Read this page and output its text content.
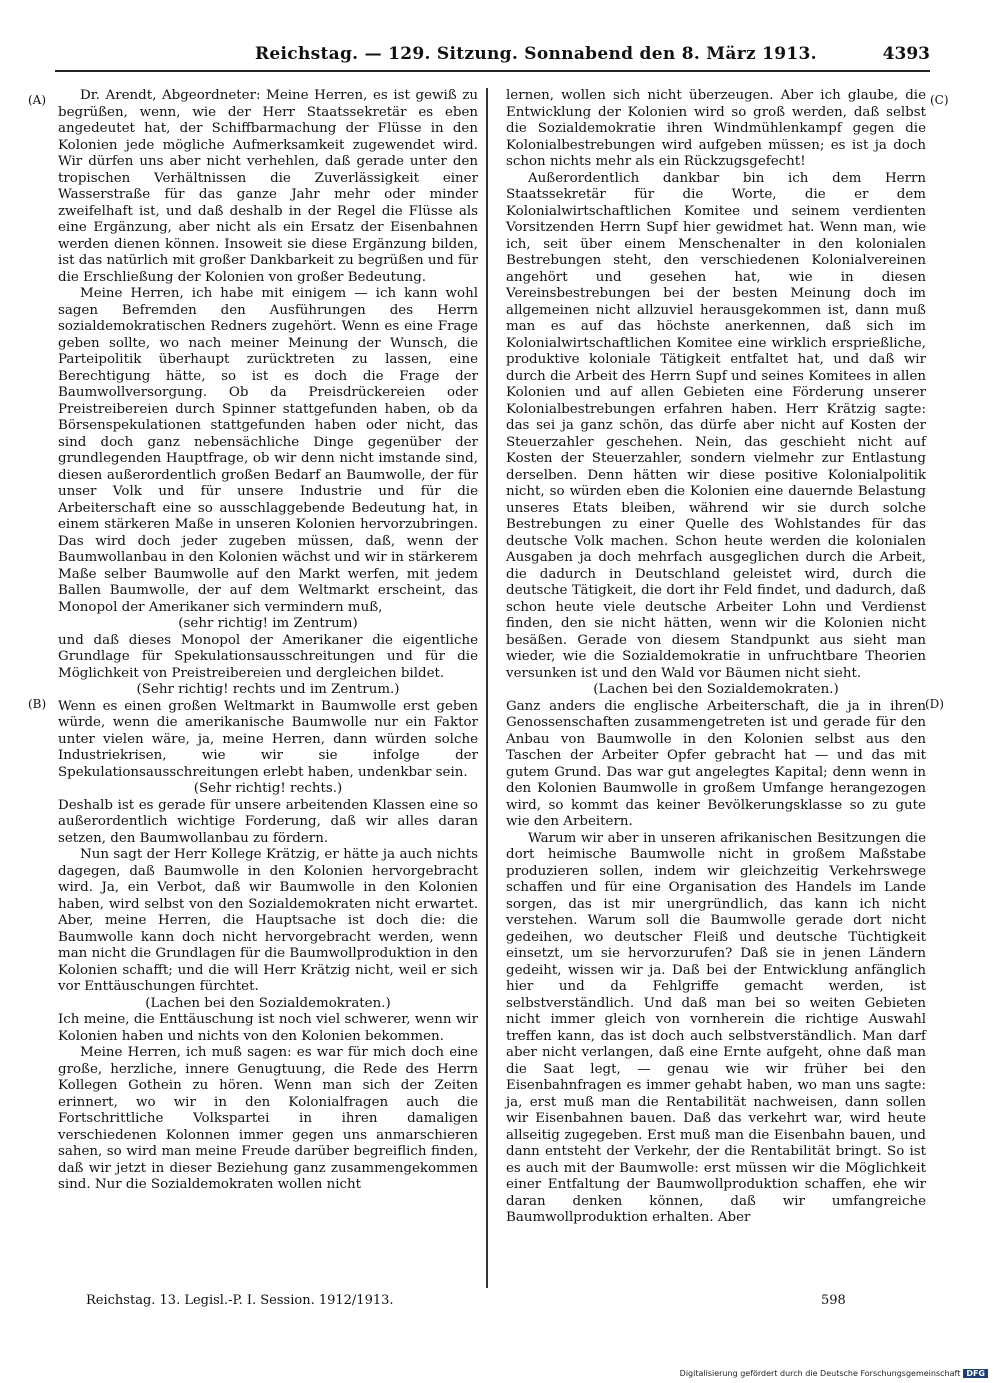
Reichstag. — 129. Sitzung. Sonnabend den 8. März 1913.	4393
(A)
(B)
(C)
(D)

Dr. Arendt, Abgeordneter: Meine Herren, es ist gewiß zu begrüßen, wenn, wie der Herr Staatssekretär es eben angedeutet hat, der Schiffbarmachung der Flüsse in den Kolonien jede mögliche Aufmerksamkeit zugewendet wird. Wir dürfen uns aber nicht verhehlen, daß gerade unter den tropischen Verhältnissen die Zuverlässigkeit einer Wasserstraße für das ganze Jahr mehr oder minder zweifelhaft ist, und daß deshalb in der Regel die Flüsse als eine Ergänzung, aber nicht als ein Ersatz der Eisenbahnen werden dienen können. Insoweit sie diese Ergänzung bilden, ist das natürlich mit großer Dankbarkeit zu begrüßen und für die Erschließung der Kolonien von großer Bedeutung.

Meine Herren, ich habe mit einigem — ich kann wohl sagen Befremden den Ausführungen des Herrn sozialdemokratischen Redners zugehört. Wenn es eine Frage geben sollte, wo nach meiner Meinung der Wunsch, die Parteipolitik überhaupt zurücktreten zu lassen, eine Berechtigung hätte, so ist es doch die Frage der Baumwollversorgung. Ob da Preisdrückereien oder Preistreibereien durch Spinner stattgefunden haben, ob da Börsenspekulationen stattgefunden haben oder nicht, das sind doch ganz nebensächliche Dinge gegenüber der grundlegenden Hauptfrage, ob wir denn nicht imstande sind, diesen außerordentlich großen Bedarf an Baumwolle, der für unser Volk und für unsere Industrie und für die Arbeiterschaft eine so ausschlaggebende Bedeutung hat, in einem stärkeren Maße in unseren Kolonien hervorzubringen. Das wird doch jeder zugeben müssen, daß, wenn der Baumwollanbau in den Kolonien wächst und wir in stärkerem Maße selber Baumwolle auf den Markt werfen, mit jedem Ballen Baumwolle, der auf dem Weltmarkt erscheint, das Monopol der Amerikaner sich vermindern muß,

(sehr richtig! im Zentrum)

und daß dieses Monopol der Amerikaner die eigentliche Grundlage für Spekulationsausschreitungen und für die Möglichkeit von Preistreibereien und dergleichen bildet.

(Sehr richtig! rechts und im Zentrum.)

Wenn es einen großen Weltmarkt in Baumwolle erst geben würde, wenn die amerikanische Baumwolle nur ein Faktor unter vielen wäre, ja, meine Herren, dann würden solche Industriekrisen, wie wir sie infolge der Spekulationsausschreitungen erlebt haben, undenkbar sein.

(Sehr richtig! rechts.)

Deshalb ist es gerade für unsere arbeitenden Klassen eine so außerordentlich wichtige Forderung, daß wir alles daran setzen, den Baumwollanbau zu fördern.

Nun sagt der Herr Kollege Krätzig, er hätte ja auch nichts dagegen, daß Baumwolle in den Kolonien hervorgebracht wird. Ja, ein Verbot, daß wir Baumwolle in den Kolonien haben, wird selbst von den Sozialdemokraten nicht erwartet. Aber, meine Herren, die Hauptsache ist doch die: die Baumwolle kann doch nicht hervorgebracht werden, wenn man nicht die Grundlagen für die Baumwollproduktion in den Kolonien schafft; und die will Herr Krätzig nicht, weil er sich vor Enttäuschungen fürchtet.

(Lachen bei den Sozialdemokraten.)

Ich meine, die Enttäuschung ist noch viel schwerer, wenn wir Kolonien haben und nichts von den Kolonien bekommen.

Meine Herren, ich muß sagen: es war für mich doch eine große, herzliche, innere Genugtuung, die Rede des Herrn Kollegen Gothein zu hören. Wenn man sich der Zeiten erinnert, wo wir in den Kolonialfragen auch die Fortschrittliche Volkspartei in ihren damaligen verschiedenen Kolonnen immer gegen uns anmarschieren sahen, so wird man meine Freude darüber begreiflich finden, daß wir jetzt in dieser Beziehung ganz zusammengekommen sind. Nur die Sozialdemokraten wollen nicht

lernen, wollen sich nicht überzeugen. Aber ich glaube, die Entwicklung der Kolonien wird so groß werden, daß selbst die Sozialdemokratie ihren Windmühlenkampf gegen die Kolonialbestrebungen wird aufgeben müssen; es ist ja doch schon nichts mehr als ein Rückzugsgefecht!

Außerordentlich dankbar bin ich dem Herrn Staatssekretär für die Worte, die er dem Kolonialwirtschaftlichen Komitee und seinem verdienten Vorsitzenden Herrn Supf hier gewidmet hat. Wenn man, wie ich, seit über einem Menschenalter in den kolonialen Bestrebungen steht, den verschiedenen Kolonialvereinen angehört und gesehen hat, wie in diesen Vereinsbestrebungen bei der besten Meinung doch im allgemeinen nicht allzuviel herausgekommen ist, dann muß man es auf das höchste anerkennen, daß sich im Kolonialwirtschaftlichen Komitee eine wirklich ersprießliche, produktive koloniale Tätigkeit entfaltet hat, und daß wir durch die Arbeit des Herrn Supf und seines Komitees in allen Kolonien und auf allen Gebieten eine Förderung unserer Kolonialbestrebungen erfahren haben. Herr Krätzig sagte: das sei ja ganz schön, das dürfe aber nicht auf Kosten der Steuerzahler geschehen. Nein, das geschieht nicht auf Kosten der Steuerzahler, sondern vielmehr zur Entlastung derselben. Denn hätten wir diese positive Kolonialpolitik nicht, so würden eben die Kolonien eine dauernde Belastung unseres Etats bleiben, während wir sie durch solche Bestrebungen zu einer Quelle des Wohlstandes für das deutsche Volk machen. Schon heute werden die kolonialen Ausgaben ja doch mehrfach ausgeglichen durch die Arbeit, die dadurch in Deutschland geleistet wird, durch die deutsche Tätigkeit, die dort ihr Feld findet, und dadurch, daß schon heute viele deutsche Arbeiter Lohn und Verdienst finden, den sie nicht hätten, wenn wir die Kolonien nicht besäßen. Gerade von diesem Standpunkt aus sieht man wieder, wie die Sozialdemokratie in unfruchtbare Theorien versunken ist und den Wald vor Bäumen nicht sieht.

(Lachen bei den Sozialdemokraten.)

Ganz anders die englische Arbeiterschaft, die ja in ihren Genossenschaften zusammengetreten ist und gerade für den Anbau von Baumwolle in den Kolonien selbst aus den Taschen der Arbeiter Opfer gebracht hat — und das mit gutem Grund. Das war gut angelegtes Kapital; denn wenn in den Kolonien Baumwolle in großem Umfange herangezogen wird, so kommt das keiner Bevölkerungsklasse so zu gute wie den Arbeitern.

Warum wir aber in unseren afrikanischen Besitzungen die dort heimische Baumwolle nicht in großem Maßstabe produzieren sollen, indem wir gleichzeitig Verkehrswege schaffen und für eine Organisation des Handels im Lande sorgen, das ist mir unergründlich, das kann ich nicht verstehen. Warum soll die Baumwolle gerade dort nicht gedeihen, wo deutscher Fleiß und deutsche Tüchtigkeit einsetzt, um sie hervorzurufen? Daß sie in jenen Ländern gedeiht, wissen wir ja. Daß bei der Entwicklung anfänglich hier und da Fehlgriffe gemacht werden, ist selbstverständlich. Und daß man bei so weiten Gebieten nicht immer gleich von vornherein die richtige Auswahl treffen kann, das ist doch auch selbstverständlich. Man darf aber nicht verlangen, daß eine Ernte aufgeht, ohne daß man die Saat legt, — genau wie wir früher bei den Eisenbahnfragen es immer gehabt haben, wo man uns sagte: ja, erst muß man die Rentabilität nachweisen, dann sollen wir Eisenbahnen bauen. Daß das verkehrt war, wird heute allseitig zugegeben. Erst muß man die Eisenbahn bauen, und dann entsteht der Verkehr, der die Rentabilität bringt. So ist es auch mit der Baumwolle: erst müssen wir die Möglichkeit einer Entfaltung der Baumwollproduktion schaffen, ehe wir daran denken können, daß wir umfangreiche Baumwollproduktion erhalten. Aber

Reichstag. 13. Legisl.-P. I. Session. 1912/1913.	598
Digitalisierung gefördert durch die Deutsche Forschungsgemeinschaft DFG
